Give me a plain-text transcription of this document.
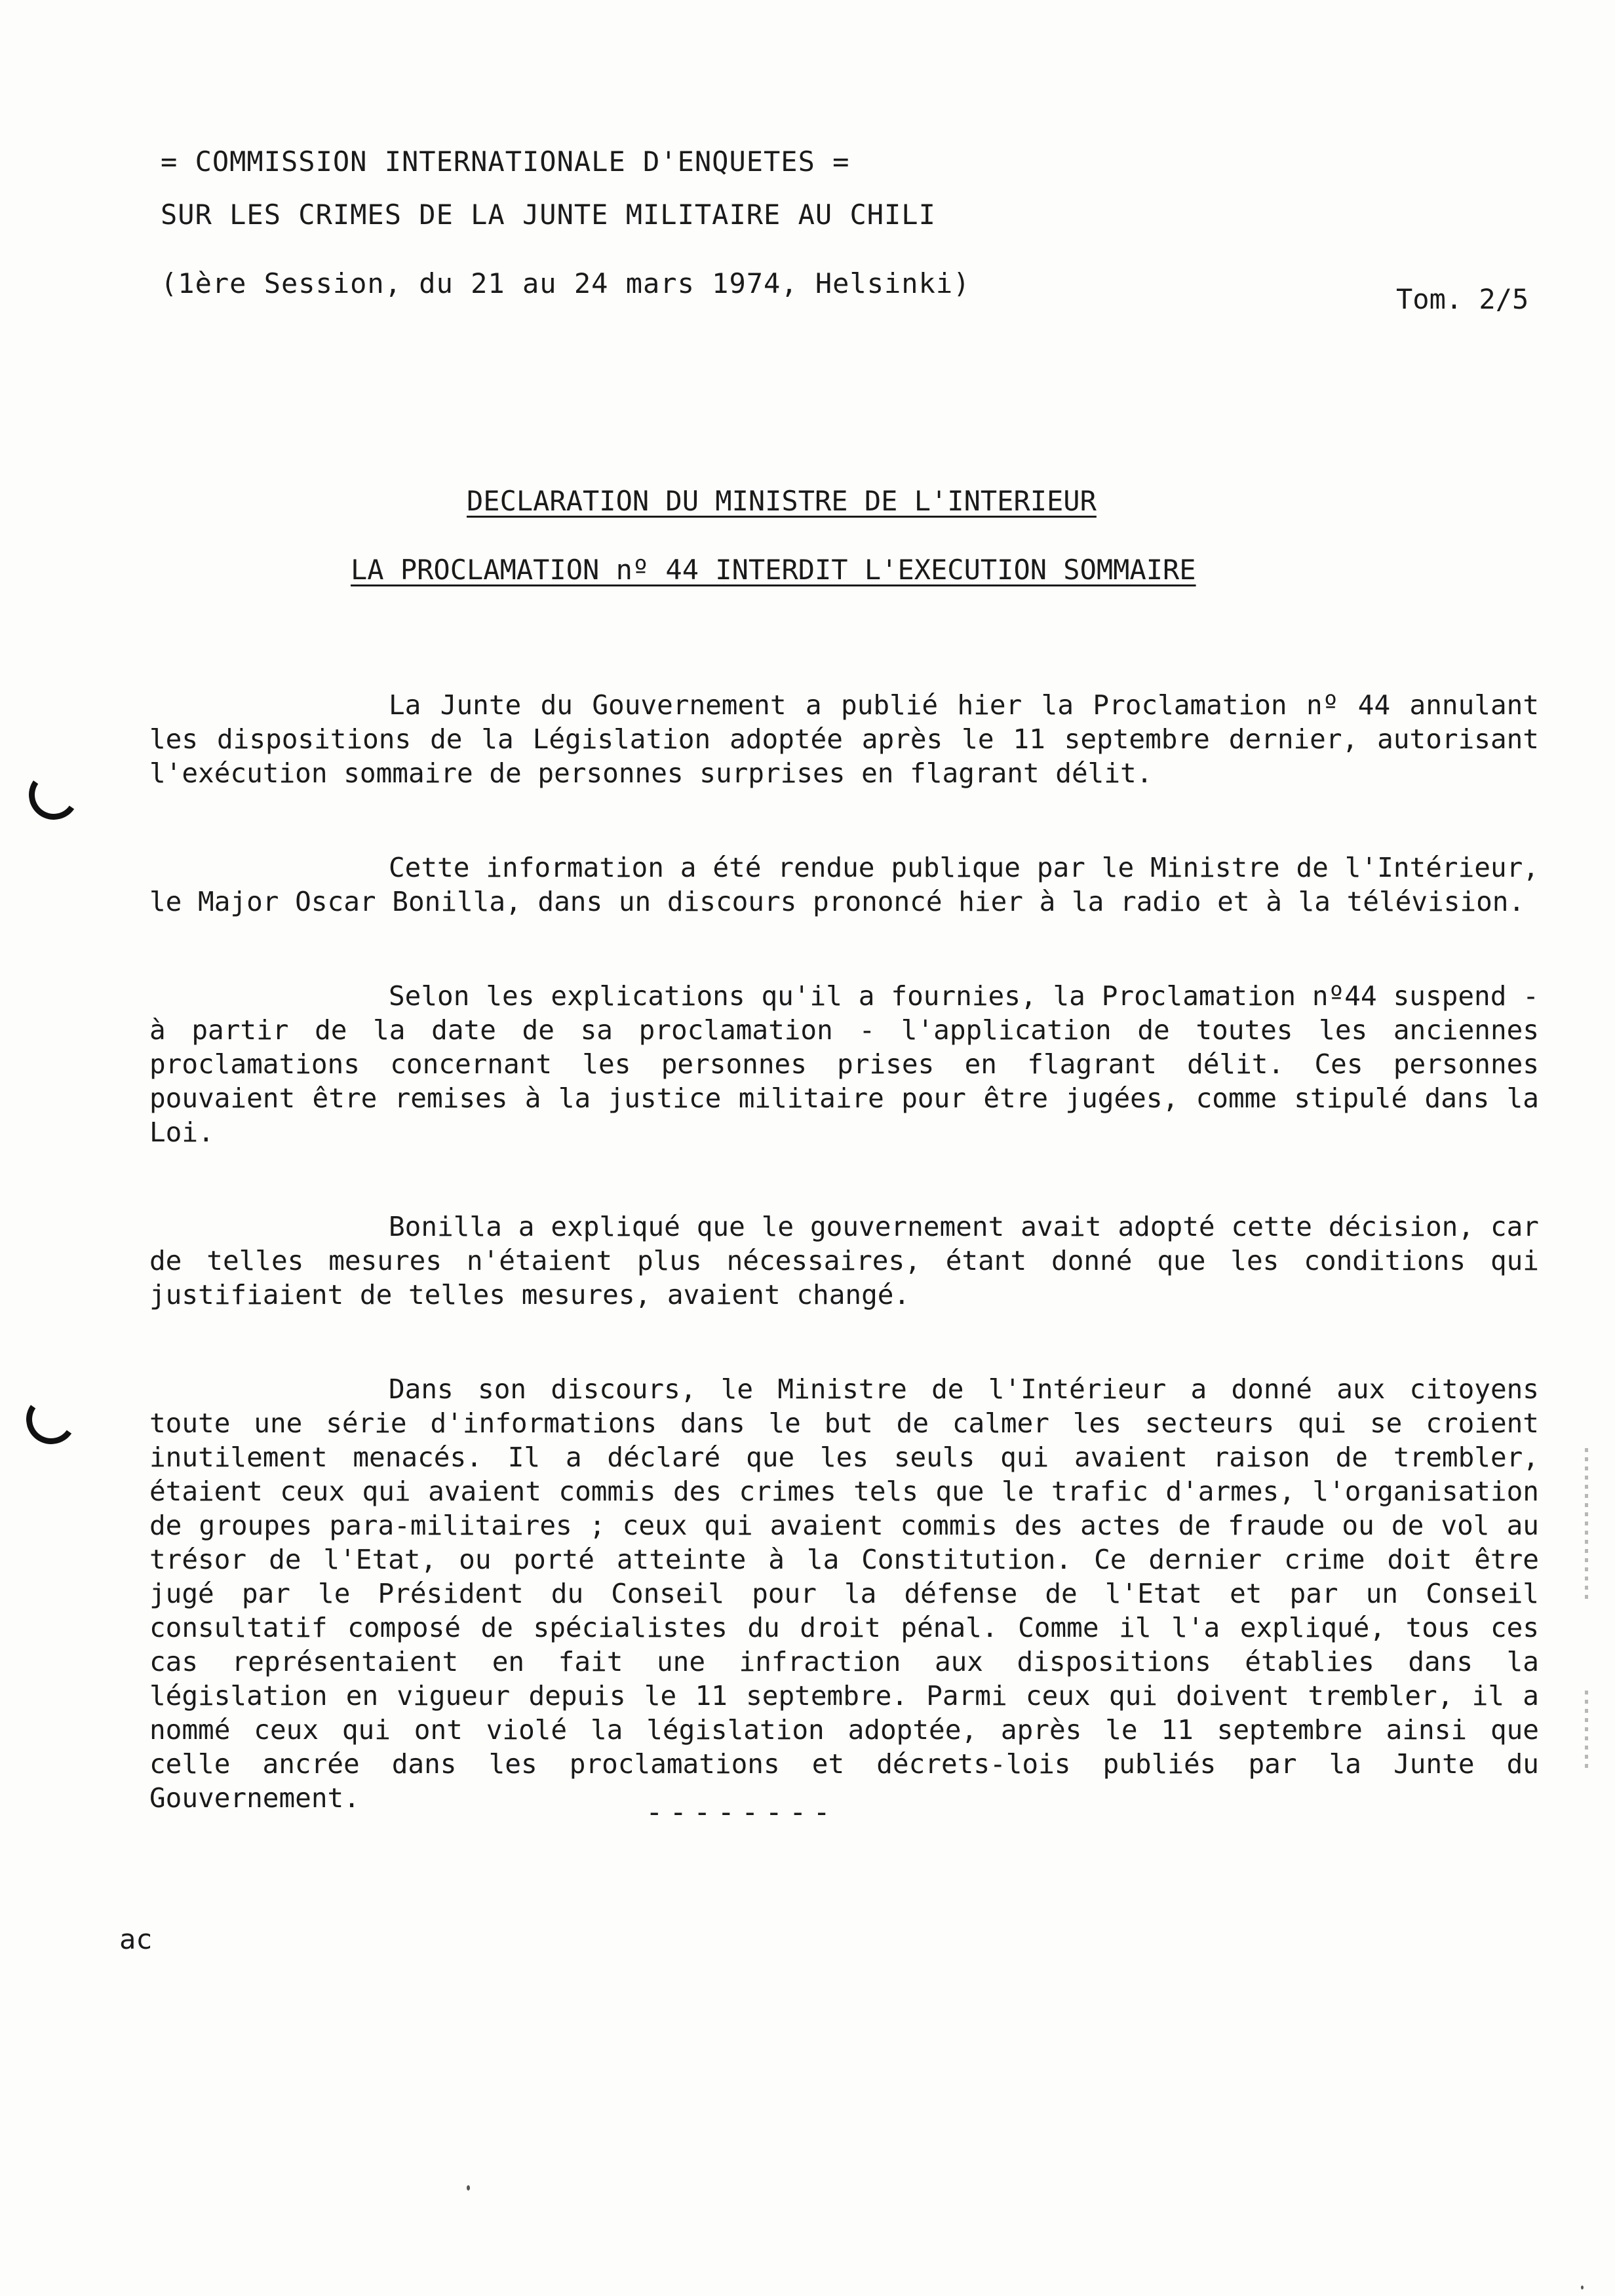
= COMMISSION INTERNATIONALE D'ENQUETES =
SUR LES CRIMES DE LA JUNTE MILITAIRE AU CHILI
(1ère Session, du 21 au 24 mars 1974, Helsinki)	Tom. 2/5
DECLARATION DU MINISTRE DE L'INTERIEUR
LA PROCLAMATION nº 44 INTERDIT L'EXECUTION SOMMAIRE

La Junte du Gouvernement a publié hier la Proclamation nº 44 annulant les dispositions de la Législation adoptée après le 11 septembre dernier, autorisant l'exécution sommaire de personnes surprises en flagrant délit.

Cette information a été rendue publique par le Ministre de l'Intérieur, le Major Oscar Bonilla, dans un discours prononcé hier à la radio et à la télévision.

Selon les explications qu'il a fournies, la Proclamation nº44 suspend - à partir de la date de sa proclamation - l'application de toutes les anciennes proclamations concernant les personnes prises en flagrant délit. Ces personnes pouvaient être remises à la justice militaire pour être jugées, comme stipulé dans la Loi.

Bonilla a expliqué que le gouvernement avait adopté cette décision, car de telles mesures n'étaient plus nécessaires, étant donné que les conditions qui justifiaient de telles mesures, avaient changé.

Dans son discours, le Ministre de l'Intérieur a donné aux citoyens toute une série d'informations dans le but de calmer les secteurs qui se croient inutilement menacés. Il a déclaré que les seuls qui avaient raison de trembler, étaient ceux qui avaient commis des crimes tels que le trafic d'armes, l'organisation de groupes para-militaires ; ceux qui avaient commis des actes de fraude ou de vol au trésor de l'Etat, ou porté atteinte à la Constitution. Ce dernier crime doit être jugé par le Président du Conseil pour la défense de l'Etat et par un Conseil consultatif composé de spécialistes du droit pénal. Comme il l'a expliqué, tous ces cas représentaient en fait une infraction aux dispositions établies dans la législation en vigueur depuis le 11 septembre. Parmi ceux qui doivent trembler, il a nommé ceux qui ont violé la législation adoptée, après le 11 septembre ainsi que celle ancrée dans les proclamations et décrets-lois publiés par la Junte du Gouvernement.	--------
ac
